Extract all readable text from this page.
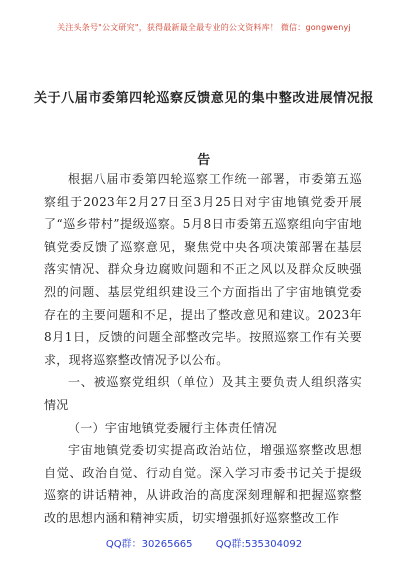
关注头条号"公文研究"，获得最新最全最专业的公文资料库！ 微信：gongwenyj
关于八届市委第四轮巡察反馈意见的集中整改进展情况报
告

根据八届市委第四轮巡察工作统一部署，市委第五巡察组于2023年2月27日至3月25日对宇宙地镇党委开展了“巡乡带村”提级巡察。5月8日市委第五巡察组向宇宙地镇党委反馈了巡察意见，聚焦党中央各项决策部署在基层落实情况、群众身边腐败问题和不正之风以及群众反映强烈的问题、基层党组织建设三个方面指出了宇宙地镇党委存在的主要问题和不足，提出了整改意见和建议。2023年8月1日，反馈的问题全部整改完毕。按照巡察工作有关要求，现将巡察整改情况予以公布。

一、被巡察党组织（单位）及其主要负责人组织落实情况

（一）宇宙地镇党委履行主体责任情况

宇宙地镇党委切实提高政治站位，增强巡察整改思想自觉、政治自觉、行动自觉。深入学习市委书记关于提级巡察的讲话精神，从讲政治的高度深刻理解和把握巡察整改的思想内涵和精神实质，切实增强抓好巡察整改工作

QQ群：30265665 QQ群:535304092
